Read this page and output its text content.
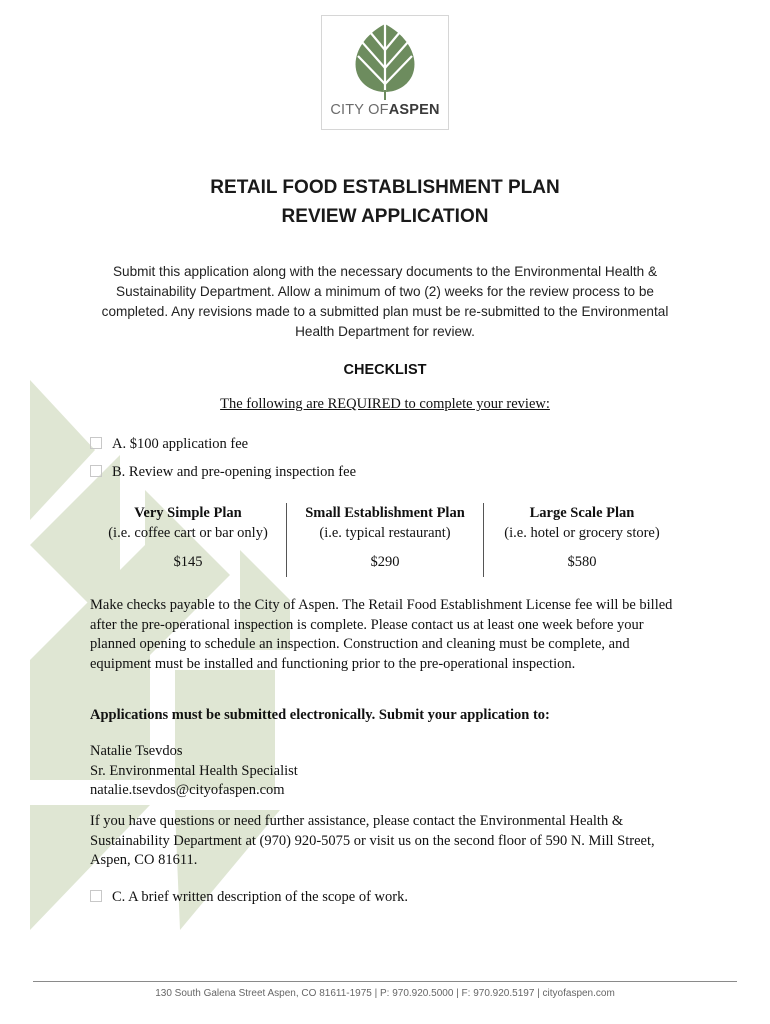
CITY OFASPEN
RETAIL FOOD ESTABLISHMENT PLAN
REVIEW APPLICATION
Submit this application along with the necessary documents to the Environmental Health & Sustainability Department. Allow a minimum of two (2) weeks for the review process to be completed. Any revisions made to a submitted plan must be re-submitted to the Environmental Health Department for review.
CHECKLIST
The following are REQUIRED to complete your review:
A. $100 application fee
B. Review and pre-opening inspection fee
Very Simple Plan
(i.e. coffee cart or bar only)
$145
Small Establishment Plan
(i.e. typical restaurant)
$290
Large Scale Plan
(i.e. hotel or grocery store)
$580
Make checks payable to the City of Aspen. The Retail Food Establishment License fee will be billed after the pre-operational inspection is complete. Please contact us at least one week before your planned opening to schedule an inspection. Construction and cleaning must be complete, and equipment must be installed and functioning prior to the pre-operational inspection.
Applications must be submitted electronically. Submit your application to:
Natalie Tsevdos
Sr. Environmental Health Specialist
natalie.tsevdos@cityofaspen.com
If you have questions or need further assistance, please contact the Environmental Health & Sustainability Department at (970) 920-5075 or visit us on the second floor of 590 N. Mill Street, Aspen, CO 81611.
C. A brief written description of the scope of work.
130 South Galena Street Aspen, CO 81611-1975 | P: 970.920.5000 | F: 970.920.5197 | cityofaspen.com
